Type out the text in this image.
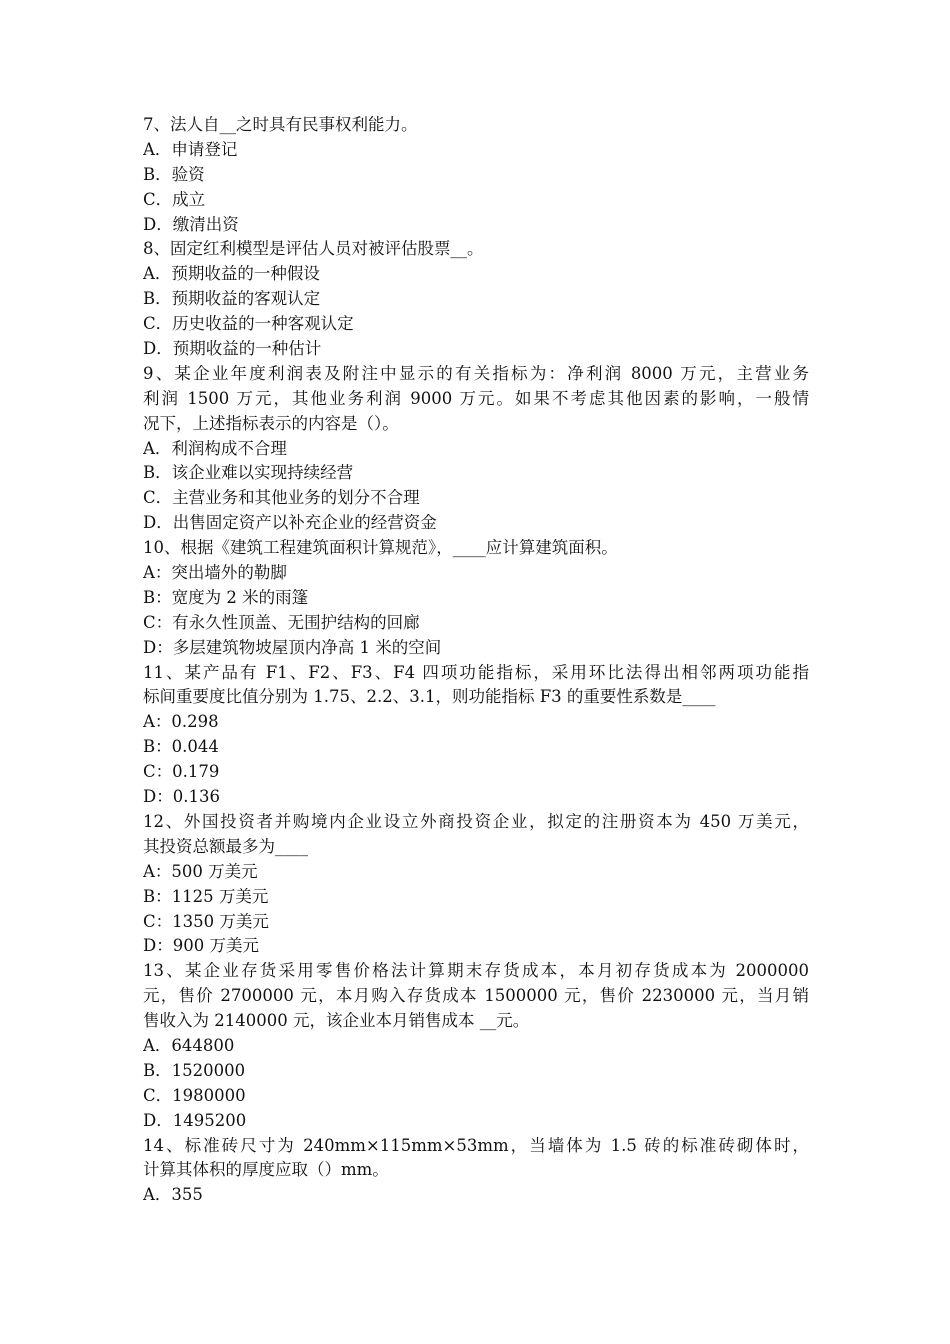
7、法人自__之时具有民事权利能力。
A．申请登记
B．验资
C．成立
D．缴清出资
8、固定红利模型是评估人员对被评估股票__。
A．预期收益的一种假设
B．预期收益的客观认定
C．历史收益的一种客观认定
D．预期收益的一种估计
9、某企业年度利润表及附注中显示的有关指标为：净利润 8000 万元，主营业务
利润 1500 万元，其他业务利润 9000 万元。如果不考虑其他因素的影响，一般情
况下，上述指标表示的内容是（）。
A．利润构成不合理
B．该企业难以实现持续经营
C．主营业务和其他业务的划分不合理
D．出售固定资产以补充企业的经营资金
10、根据《建筑工程建筑面积计算规范》，____应计算建筑面积。
A：突出墙外的勒脚
B：宽度为 2 米的雨篷
C：有永久性顶盖、无围护结构的回廊
D：多层建筑物坡屋顶内净高 1 米的空间
11、某产品有 F1、F2、F3、F4 四项功能指标，采用环比法得出相邻两项功能指
标间重要度比值分别为 1.75、2.2、3.1，则功能指标 F3 的重要性系数是____
A：0.298
B：0.044
C：0.179
D：0.136
12、外国投资者并购境内企业设立外商投资企业，拟定的注册资本为 450 万美元，
其投资总额最多为____
A：500 万美元
B：1125 万美元
C：1350 万美元
D：900 万美元
13、某企业存货采用零售价格法计算期末存货成本，本月初存货成本为 2000000
元，售价 2700000 元，本月购入存货成本 1500000 元，售价 2230000 元，当月销
售收入为 2140000 元，该企业本月销售成本 __元。
A．644800
B．1520000
C．1980000
D．1495200
14、标准砖尺寸为 240mm×115mm×53mm，当墙体为 1.5 砖的标准砖砌体时，
计算其体积的厚度应取（）mm。
A．355
